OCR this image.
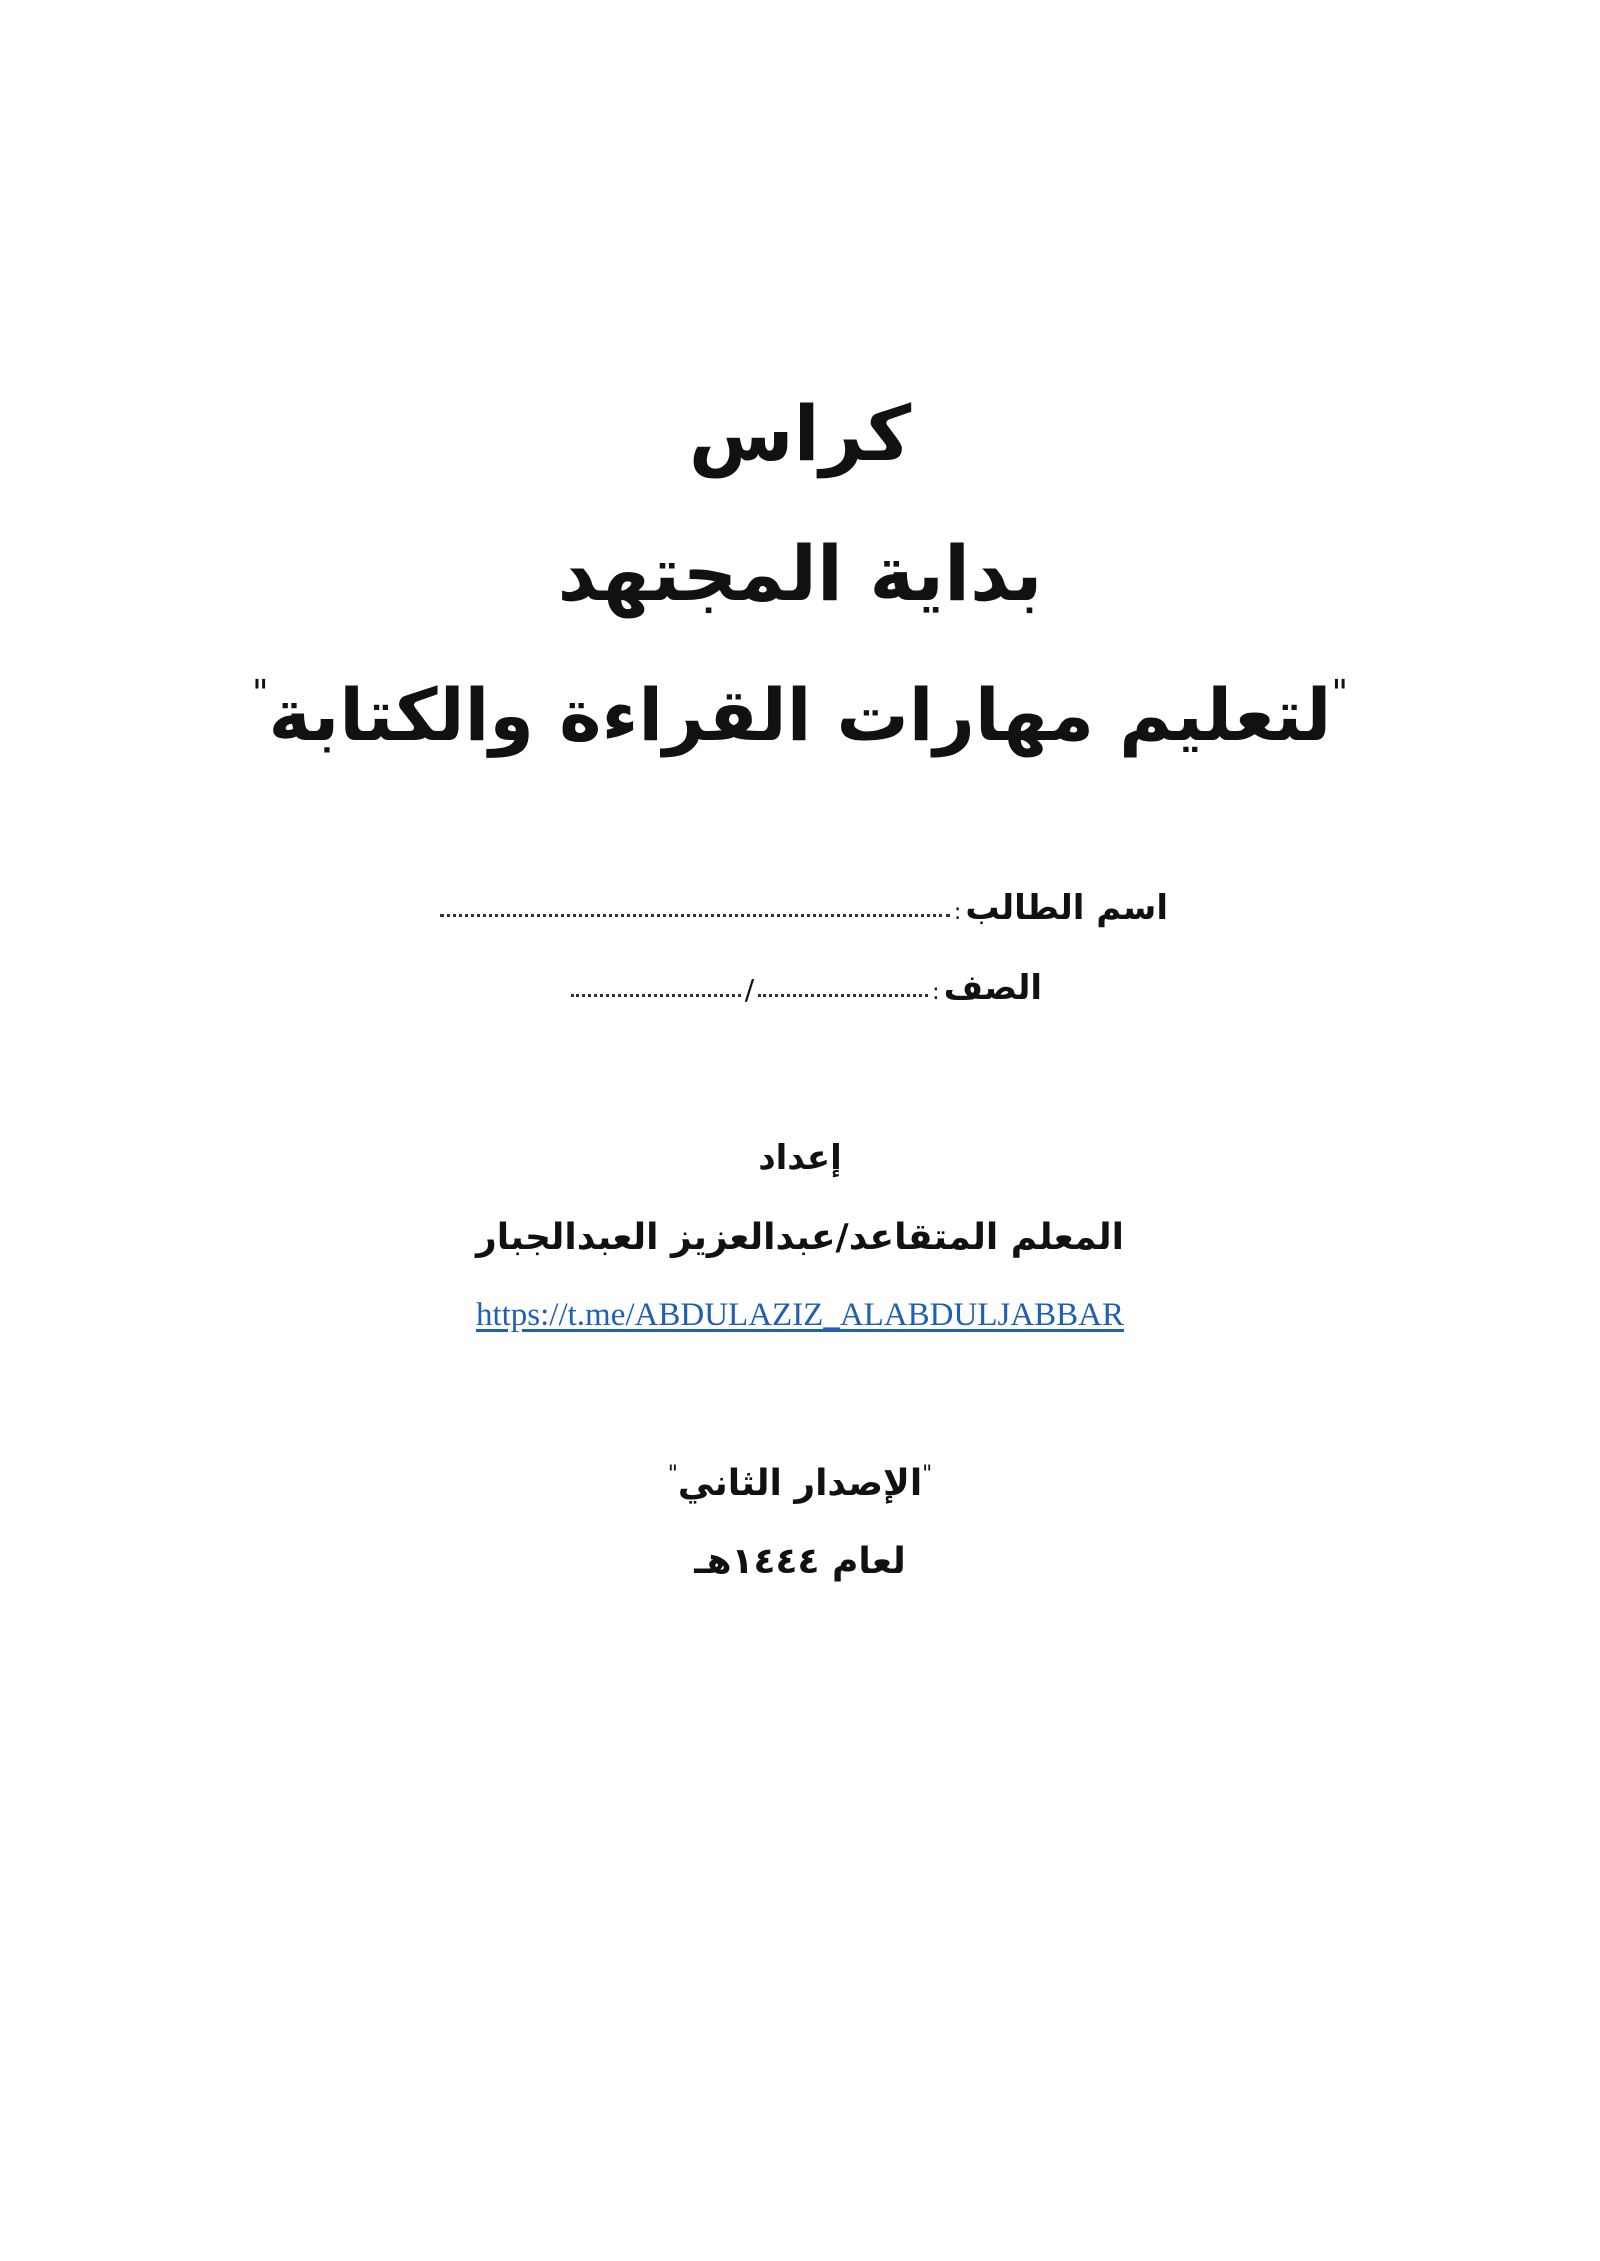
كراس
بداية المجتهد
"لتعليم مهارات القراءة والكتابة"
اسم الطالب:
الصف:/
إعداد
المعلم المتقاعد/عبدالعزيز العبدالجبار
https://t.me/ABDULAZIZ_ALABDULJABBAR
"الإصدار الثاني"
لعام ١٤٤٤هـ
